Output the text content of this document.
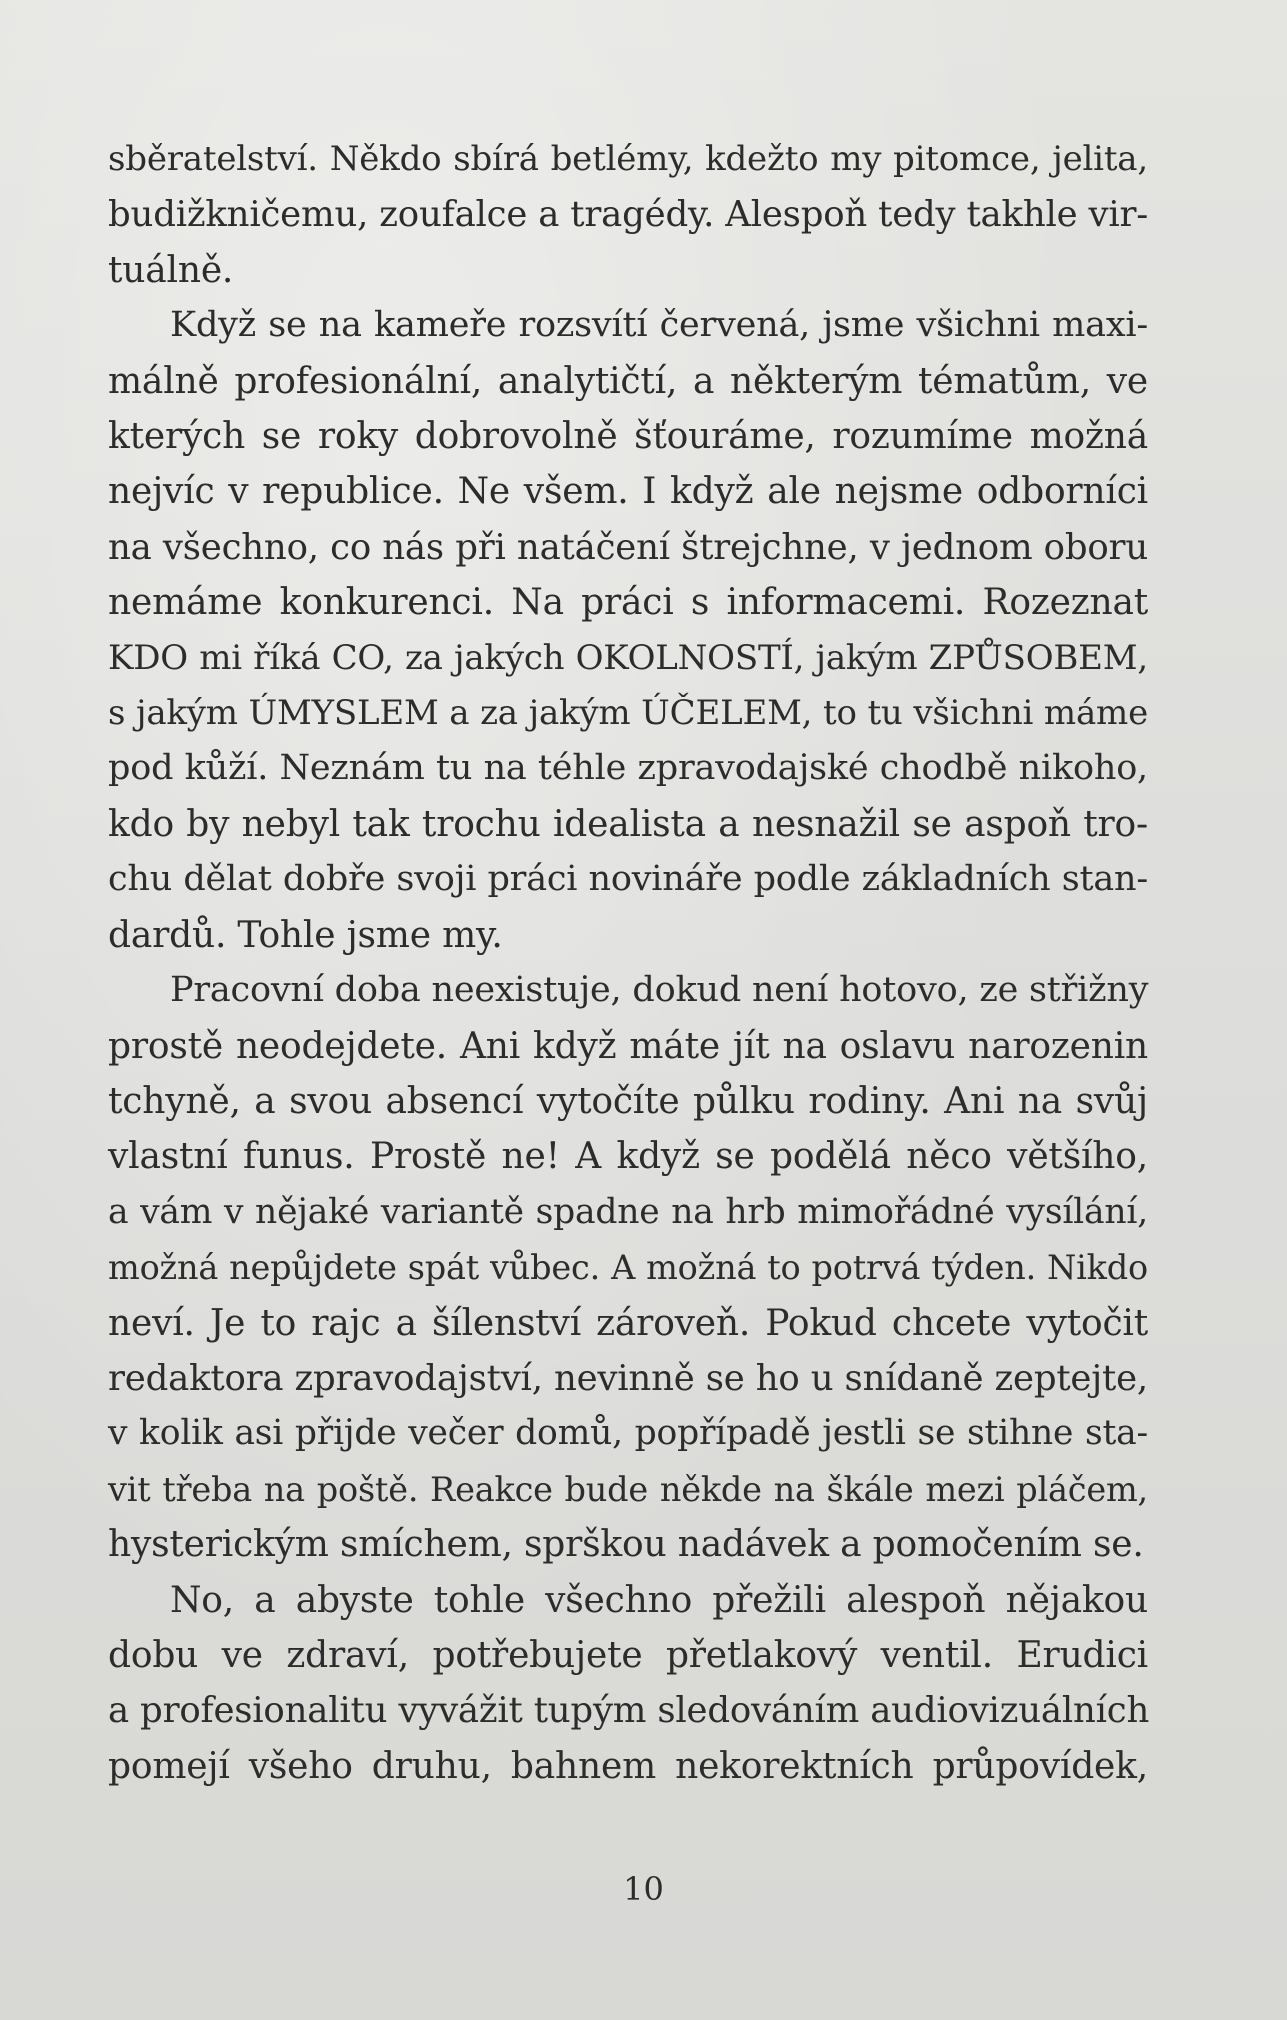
sběratelství. Někdo sbírá betlémy, kdežto my pitomce, jelita,
budižkničemu, zoufalce a tragédy. Alespoň tedy takhle vir-
tuálně.

Když se na kameře rozsvítí červená, jsme všichni maxi-
málně profesionální, analytičtí, a některým tématům, ve
kterých se roky dobrovolně šťouráme, rozumíme možná
nejvíc v republice. Ne všem. I když ale nejsme odborníci
na všechno, co nás při natáčení štrejchne, v jednom oboru
nemáme konkurenci. Na práci s informacemi. Rozeznat
KDO mi říká CO, za jakých OKOLNOSTÍ, jakým ZPŮSOBEM,
s jakým ÚMYSLEM a za jakým ÚČELEM, to tu všichni máme
pod kůží. Neznám tu na téhle zpravodajské chodbě nikoho,
kdo by nebyl tak trochu idealista a nesnažil se aspoň tro-
chu dělat dobře svoji práci novináře podle základních stan-
dardů. Tohle jsme my.

Pracovní doba neexistuje, dokud není hotovo, ze střižny
prostě neodejdete. Ani když máte jít na oslavu narozenin
tchyně, a svou absencí vytočíte půlku rodiny. Ani na svůj
vlastní funus. Prostě ne! A když se podělá něco většího,
a vám v nějaké variantě spadne na hrb mimořádné vysílání,
možná nepůjdete spát vůbec. A možná to potrvá týden. Nikdo
neví. Je to rajc a šílenství zároveň. Pokud chcete vytočit
redaktora zpravodajství, nevinně se ho u snídaně zeptejte,
v kolik asi přijde večer domů, popřípadě jestli se stihne sta-
vit třeba na poště. Reakce bude někde na škále mezi pláčem,
hysterickým smíchem, sprškou nadávek a pomočením se.

No, a abyste tohle všechno přežili alespoň nějakou
dobu ve zdraví, potřebujete přetlakový ventil. Erudici
a profesionalitu vyvážit tupým sledováním audiovizuálních
pomejí všeho druhu, bahnem nekorektních průpovídek,

10
